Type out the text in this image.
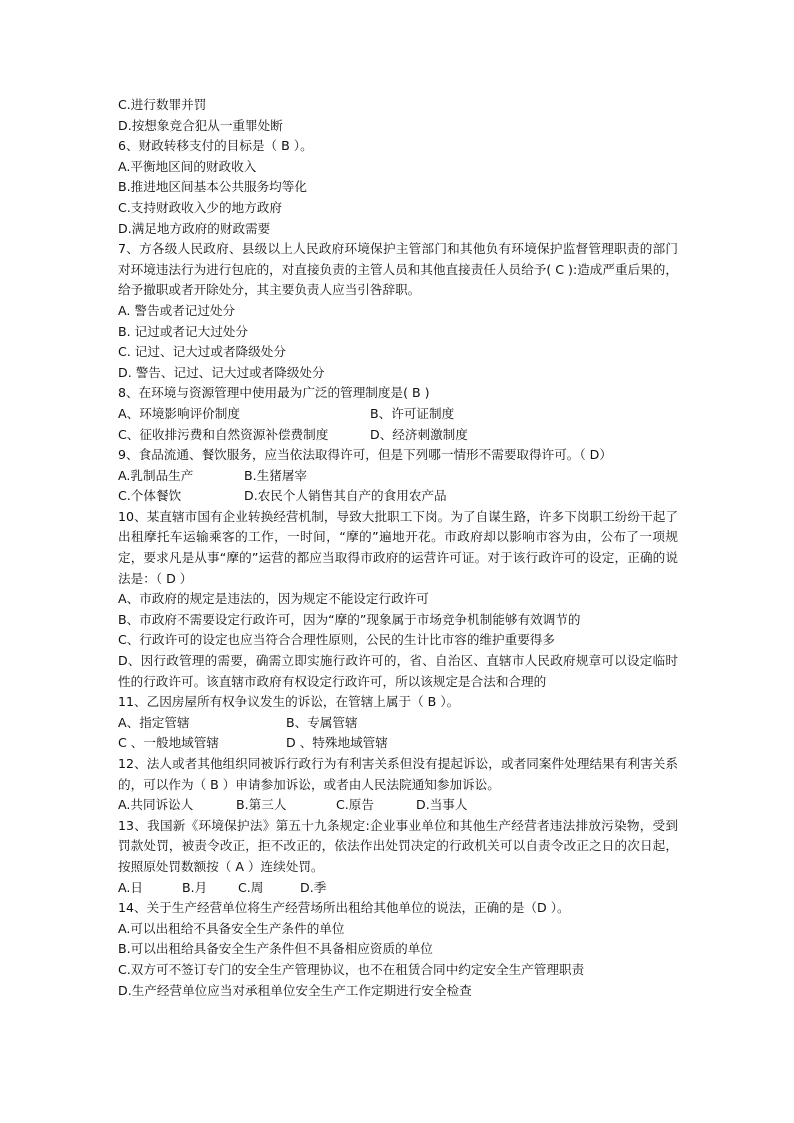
C.进行数罪并罚
D.按想象竞合犯从一重罪处断
6、财政转移支付的目标是（ B ）。
A.平衡地区间的财政收入
B.推进地区间基本公共服务均等化
C.支持财政收入少的地方政府
D.满足地方政府的财政需要
7、方各级人民政府、县级以上人民政府环境保护主管部门和其他负有环境保护监督管理职责的部门对环境违法行为进行包庇的，对直接负责的主管人员和其他直接责任人员给予( C ):造成严重后果的，给予撤职或者开除处分，其主要负责人应当引咎辞职。
A. 警告或者记过处分
B. 记过或者记大过处分
C. 记过、记大过或者降级处分
D. 警告、记过、记大过或者降级处分
8、在环境与资源管理中使用最为广泛的管理制度是( B )
A、环境影响评价制度	B、许可证制度
C、征收排污费和自然资源补偿费制度	D、经济刺激制度
9、食品流通、餐饮服务，应当依法取得许可，但是下列哪一情形不需要取得许可。（ D）
A.乳制品生产	B.生猪屠宰
C.个体餐饮	D.农民个人销售其自产的食用农产品
10、某直辖市国有企业转换经营机制，导致大批职工下岗。为了自谋生路，许多下岗职工纷纷干起了出租摩托车运输乘客的工作，一时间，“摩的”遍地开花。市政府却以影响市容为由，公布了一项规定，要求凡是从事“摩的”运营的都应当取得市政府的运营许可证。对于该行政许可的设定，正确的说法是：（ D ）
A、市政府的规定是违法的，因为规定不能设定行政许可
B、市政府不需要设定行政许可，因为“摩的”现象属于市场竞争机制能够有效调节的
C、行政许可的设定也应当符合合理性原则，公民的生计比市容的维护重要得多
D、因行政管理的需要，确需立即实施行政许可的，省、自治区、直辖市人民政府规章可以设定临时性的行政许可。该直辖市政府有权设定行政许可，所以该规定是合法和合理的
11、乙因房屋所有权争议发生的诉讼，在管辖上属于（ B ）。
A、指定管辖	B、专属管辖
C 、一般地域管辖	D 、特殊地域管辖
12、法人或者其他组织同被诉行政行为有利害关系但没有提起诉讼，或者同案件处理结果有利害关系的，可以作为（ B ）申请参加诉讼，或者由人民法院通知参加诉讼。
A.共同诉讼人	B.第三人	C.原告	D.当事人
13、我国新《环境保护法》第五十九条规定:企业事业单位和其他生产经营者违法排放污染物，受到罚款处罚，被责令改正，拒不改正的，依法作出处罚决定的行政机关可以自责令改正之日的次日起，按照原处罚数额按（ A ）连续处罚。
A.日	B.月 C.周	D.季
14、关于生产经营单位将生产经营场所出租给其他单位的说法，正确的是（D ）。
A.可以出租给不具备安全生产条件的单位
B.可以出租给具备安全生产条件但不具备相应资质的单位
C.双方可不签订专门的安全生产管理协议，也不在租赁合同中约定安全生产管理职责
D.生产经营单位应当对承租单位安全生产工作定期进行安全检查
